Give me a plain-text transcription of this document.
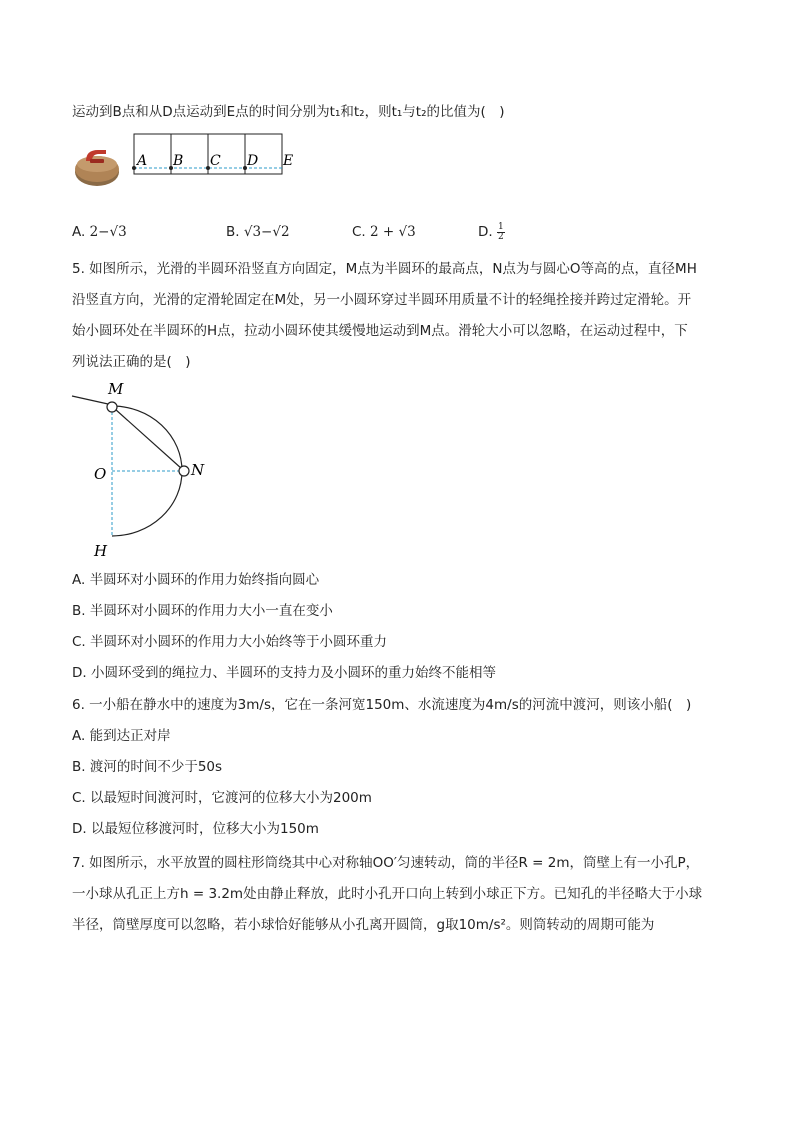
运动到B点和从D点运动到E点的时间分别为t₁和t₂，则t₁与t₂的比值为(　)
A B C D E
A. 2−√3	B. √3−√2	C. 2 + √3	D. $\frac{1}{2}$
5. 如图所示，光滑的半圆环沿竖直方向固定，M点为半圆环的最高点，N点为与圆心O等高的点，直径MH
沿竖直方向，光滑的定滑轮固定在M处，另一小圆环穿过半圆环用质量不计的轻绳拴接并跨过定滑轮。开
始小圆环处在半圆环的H点，拉动小圆环使其缓慢地运动到M点。滑轮大小可以忽略，在运动过程中，下
列说法正确的是(　)
M
N
O
H
A. 半圆环对小圆环的作用力始终指向圆心
B. 半圆环对小圆环的作用力大小一直在变小
C. 半圆环对小圆环的作用力大小始终等于小圆环重力
D. 小圆环受到的绳拉力、半圆环的支持力及小圆环的重力始终不能相等
6. 一小船在静水中的速度为3m/s，它在一条河宽150m、水流速度为4m/s的河流中渡河，则该小船(　)
A. 能到达正对岸
B. 渡河的时间不少于50s
C. 以最短时间渡河时，它渡河的位移大小为200m
D. 以最短位移渡河时，位移大小为150m
7. 如图所示，水平放置的圆柱形筒绕其中心对称轴OO′匀速转动，筒的半径R = 2m，筒壁上有一小孔P，
一小球从孔正上方h = 3.2m处由静止释放，此时小孔开口向上转到小球正下方。已知孔的半径略大于小球
半径，筒壁厚度可以忽略，若小球恰好能够从小孔离开圆筒，g取10m/s²。则筒转动的周期可能为
